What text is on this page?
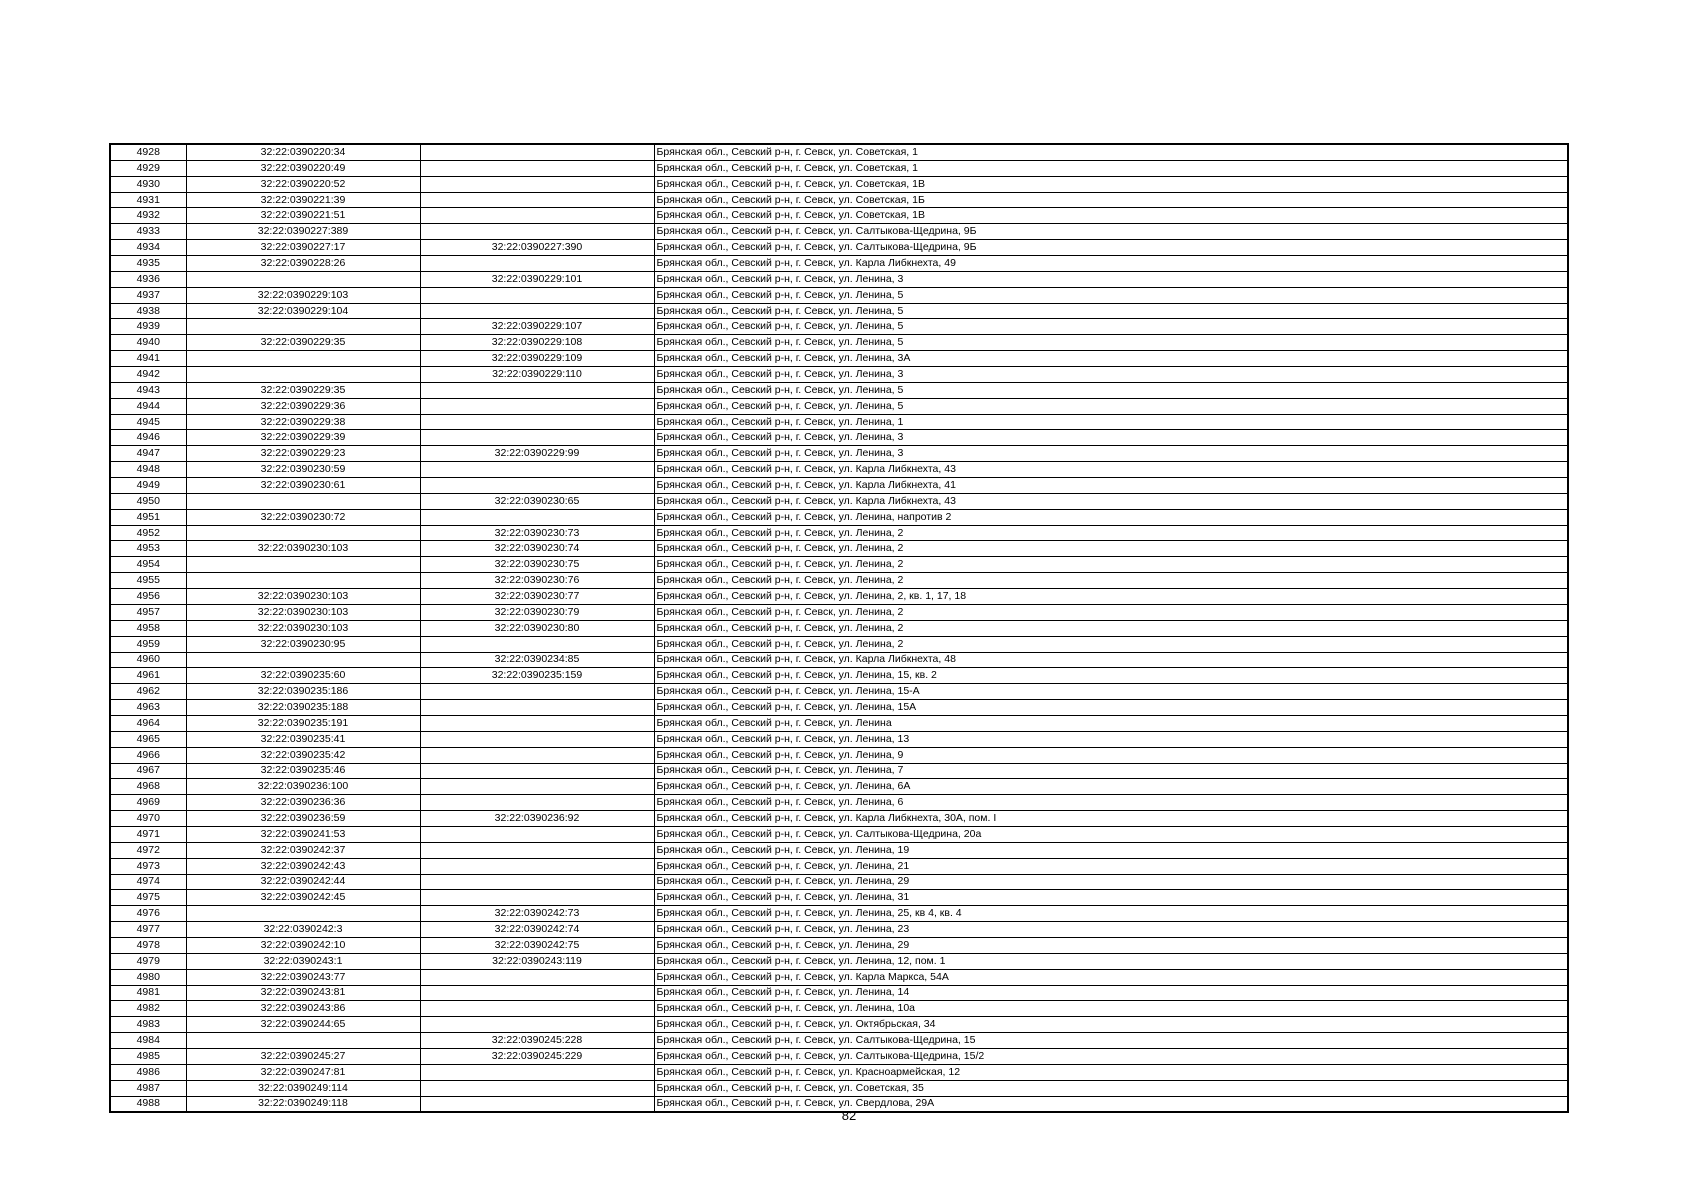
4928	32:22:0390220:34		Брянская обл., Севский р-н, г. Севск, ул. Советская, 1
4929	32:22:0390220:49		Брянская обл., Севский р-н, г. Севск, ул. Советская, 1
4930	32:22:0390220:52		Брянская обл., Севский р-н, г. Севск, ул. Советская, 1В
4931	32:22:0390221:39		Брянская обл., Севский р-н, г. Севск, ул. Советская, 1Б
4932	32:22:0390221:51		Брянская обл., Севский р-н, г. Севск, ул. Советская, 1В
4933	32:22:0390227:389		Брянская обл., Севский р-н, г. Севск, ул. Салтыкова-Щедрина, 9Б
4934	32:22:0390227:17	32:22:0390227:390	Брянская обл., Севский р-н, г. Севск, ул. Салтыкова-Щедрина, 9Б
4935	32:22:0390228:26		Брянская обл., Севский р-н, г. Севск, ул. Карла Либкнехта, 49
4936		32:22:0390229:101	Брянская обл., Севский р-н, г. Севск, ул. Ленина, 3
4937	32:22:0390229:103		Брянская обл., Севский р-н, г. Севск, ул. Ленина, 5
4938	32:22:0390229:104		Брянская обл., Севский р-н, г. Севск, ул. Ленина, 5
4939		32:22:0390229:107	Брянская обл., Севский р-н, г. Севск, ул. Ленина, 5
4940	32:22:0390229:35	32:22:0390229:108	Брянская обл., Севский р-н, г. Севск, ул. Ленина, 5
4941		32:22:0390229:109	Брянская обл., Севский р-н, г. Севск, ул. Ленина, 3А
4942		32:22:0390229:110	Брянская обл., Севский р-н, г. Севск, ул. Ленина, 3
4943	32:22:0390229:35		Брянская обл., Севский р-н, г. Севск, ул. Ленина, 5
4944	32:22:0390229:36		Брянская обл., Севский р-н, г. Севск, ул. Ленина, 5
4945	32:22:0390229:38		Брянская обл., Севский р-н, г. Севск, ул. Ленина, 1
4946	32:22:0390229:39		Брянская обл., Севский р-н, г. Севск, ул. Ленина, 3
4947	32:22:0390229:23	32:22:0390229:99	Брянская обл., Севский р-н, г. Севск, ул. Ленина, 3
4948	32:22:0390230:59		Брянская обл., Севский р-н, г. Севск, ул. Карла Либкнехта, 43
4949	32:22:0390230:61		Брянская обл., Севский р-н, г. Севск, ул. Карла Либкнехта, 41
4950		32:22:0390230:65	Брянская обл., Севский р-н, г. Севск, ул. Карла Либкнехта, 43
4951	32:22:0390230:72		Брянская обл., Севский р-н, г. Севск, ул. Ленина, напротив 2
4952		32:22:0390230:73	Брянская обл., Севский р-н, г. Севск, ул. Ленина, 2
4953	32:22:0390230:103	32:22:0390230:74	Брянская обл., Севский р-н, г. Севск, ул. Ленина, 2
4954		32:22:0390230:75	Брянская обл., Севский р-н, г. Севск, ул. Ленина, 2
4955		32:22:0390230:76	Брянская обл., Севский р-н, г. Севск, ул. Ленина, 2
4956	32:22:0390230:103	32:22:0390230:77	Брянская обл., Севский р-н, г. Севск, ул. Ленина, 2, кв. 1, 17, 18
4957	32:22:0390230:103	32:22:0390230:79	Брянская обл., Севский р-н, г. Севск, ул. Ленина, 2
4958	32:22:0390230:103	32:22:0390230:80	Брянская обл., Севский р-н, г. Севск, ул. Ленина, 2
4959	32:22:0390230:95		Брянская обл., Севский р-н, г. Севск, ул. Ленина, 2
4960		32:22:0390234:85	Брянская обл., Севский р-н, г. Севск, ул. Карла Либкнехта, 48
4961	32:22:0390235:60	32:22:0390235:159	Брянская обл., Севский р-н, г. Севск, ул. Ленина, 15, кв. 2
4962	32:22:0390235:186		Брянская обл., Севский р-н, г. Севск, ул. Ленина, 15-А
4963	32:22:0390235:188		Брянская обл., Севский р-н, г. Севск, ул. Ленина, 15А
4964	32:22:0390235:191		Брянская обл., Севский р-н, г. Севск, ул. Ленина
4965	32:22:0390235:41		Брянская обл., Севский р-н, г. Севск, ул. Ленина, 13
4966	32:22:0390235:42		Брянская обл., Севский р-н, г. Севск, ул. Ленина, 9
4967	32:22:0390235:46		Брянская обл., Севский р-н, г. Севск, ул. Ленина, 7
4968	32:22:0390236:100		Брянская обл., Севский р-н, г. Севск, ул. Ленина, 6А
4969	32:22:0390236:36		Брянская обл., Севский р-н, г. Севск, ул. Ленина, 6
4970	32:22:0390236:59	32:22:0390236:92	Брянская обл., Севский р-н, г. Севск, ул. Карла Либкнехта, 30А, пом. I
4971	32:22:0390241:53		Брянская обл., Севский р-н, г. Севск, ул. Салтыкова-Щедрина, 20а
4972	32:22:0390242:37		Брянская обл., Севский р-н, г. Севск, ул. Ленина, 19
4973	32:22:0390242:43		Брянская обл., Севский р-н, г. Севск, ул. Ленина, 21
4974	32:22:0390242:44		Брянская обл., Севский р-н, г. Севск, ул. Ленина, 29
4975	32:22:0390242:45		Брянская обл., Севский р-н, г. Севск, ул. Ленина, 31
4976		32:22:0390242:73	Брянская обл., Севский р-н, г. Севск, ул. Ленина, 25, кв 4, кв. 4
4977	32:22:0390242:3	32:22:0390242:74	Брянская обл., Севский р-н, г. Севск, ул. Ленина, 23
4978	32:22:0390242:10	32:22:0390242:75	Брянская обл., Севский р-н, г. Севск, ул. Ленина, 29
4979	32:22:0390243:1	32:22:0390243:119	Брянская обл., Севский р-н, г. Севск, ул. Ленина, 12, пом. 1
4980	32:22:0390243:77		Брянская обл., Севский р-н, г. Севск, ул. Карла Маркса, 54А
4981	32:22:0390243:81		Брянская обл., Севский р-н, г. Севск, ул. Ленина, 14
4982	32:22:0390243:86		Брянская обл., Севский р-н, г. Севск, ул. Ленина, 10а
4983	32:22:0390244:65		Брянская обл., Севский р-н, г. Севск, ул. Октябрьская, 34
4984		32:22:0390245:228	Брянская обл., Севский р-н, г. Севск, ул. Салтыкова-Щедрина, 15
4985	32:22:0390245:27	32:22:0390245:229	Брянская обл., Севский р-н, г. Севск, ул. Салтыкова-Щедрина, 15/2
4986	32:22:0390247:81		Брянская обл., Севский р-н, г. Севск, ул. Красноармейская, 12
4987	32:22:0390249:114		Брянская обл., Севский р-н, г. Севск, ул. Советская, 35
4988	32:22:0390249:118		Брянская обл., Севский р-н, г. Севск, ул. Свердлова, 29А
82
